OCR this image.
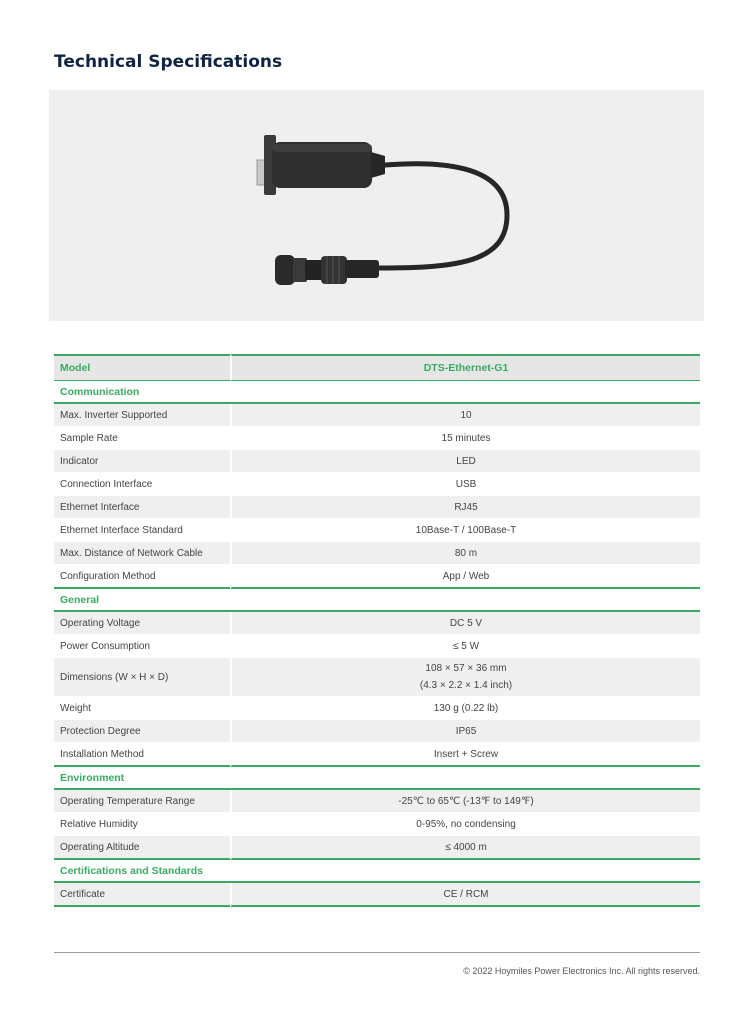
Technical Specifications
Model	DTS-Ethernet-G1
Communication	
Max. Inverter Supported	10

Sample Rate	15 minutes

Indicator	LED

Connection Interface	USB

Ethernet Interface	RJ45

Ethernet Interface Standard	10Base-T / 100Base-T

Max. Distance of Network Cable	80 m

Configuration Method	App / Web

General	
Operating Voltage	DC 5 V

Power Consumption	≤ 5 W

Dimensions (W × H × D)	108 × 57 × 36 mm
(4.3 × 2.2 × 1.4 inch)

Weight	130 g (0.22 lb)

Protection Degree	IP65

Installation Method	Insert + Screw

Environment	
Operating Temperature Range	-25℃ to 65℃ (-13℉ to 149℉)

Relative Humidity	0-95%, no condensing

Operating Altitude	≤ 4000 m

Certifications and Standards	
Certificate	CE / RCM
© 2022 Hoymiles Power Electronics Inc. All rights reserved.
